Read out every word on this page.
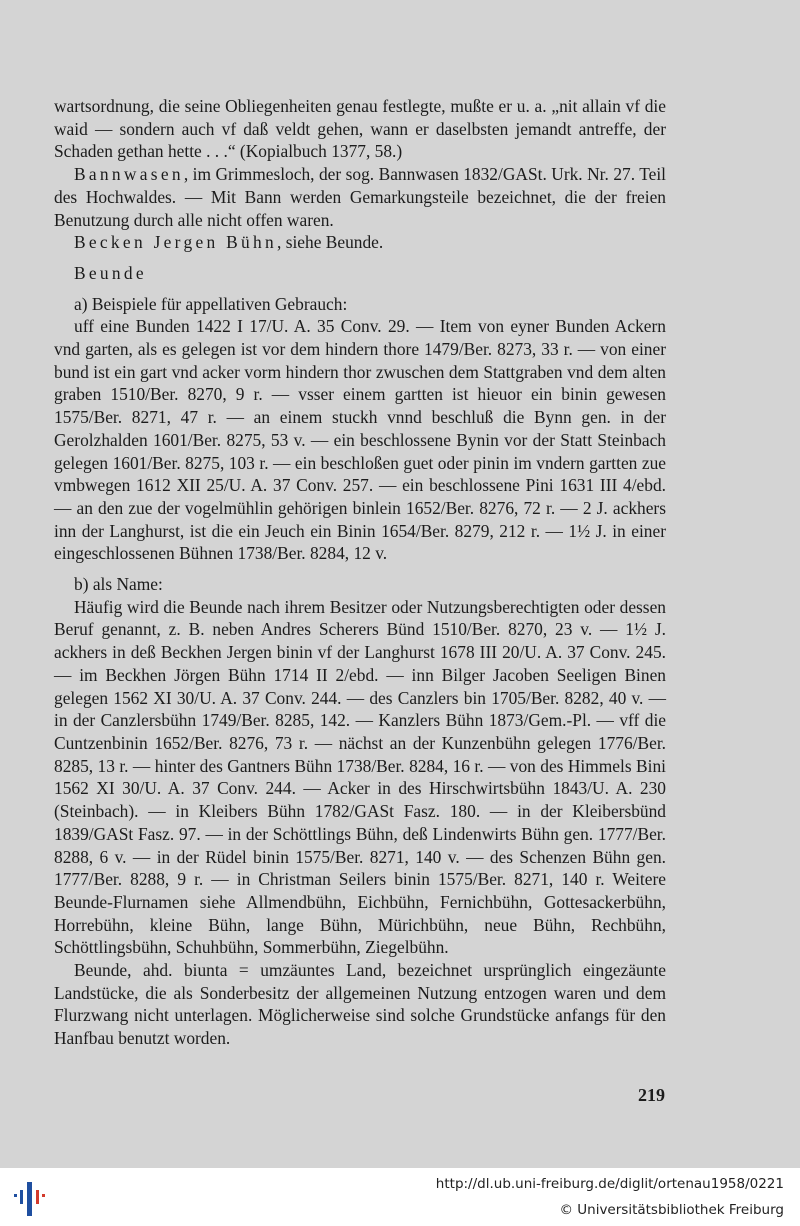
wartsordnung, die seine Obliegenheiten genau festlegte, mußte er u. a. „nit allain vf die waid — sondern auch vf daß veldt gehen, wann er daselbsten jemandt antreffe, der Schaden gethan hette . . .“ (Kopialbuch 1377, 58.)

Bannwasen, im Grimmesloch, der sog. Bannwasen 1832/GASt. Urk. Nr. 27. Teil des Hochwaldes. — Mit Bann werden Gemarkungsteile bezeichnet, die der freien Benutzung durch alle nicht offen waren.

Becken Jergen Bühn, siehe Beunde.

Beunde

a) Beispiele für appellativen Gebrauch:

uff eine Bunden 1422 I 17/U. A. 35 Conv. 29. — Item von eyner Bunden Ackern vnd garten, als es gelegen ist vor dem hindern thore 1479/Ber. 8273, 33 r. — von einer bund ist ein gart vnd acker vorm hindern thor zwuschen dem Stattgraben vnd dem alten graben 1510/Ber. 8270, 9 r. — vsser einem gartten ist hieuor ein binin gewesen 1575/Ber. 8271, 47 r. — an einem stuckh vnnd beschluß die Bynn gen. in der Gerolzhalden 1601/Ber. 8275, 53 v. — ein beschlossene Bynin vor der Statt Steinbach gelegen 1601/Ber. 8275, 103 r. — ein beschloßen guet oder pinin im vndern gartten zue vmbwegen 1612 XII 25/U. A. 37 Conv. 257. — ein beschlossene Pini 1631 III 4/ebd. — an den zue der vogelmühlin gehörigen binlein 1652/Ber. 8276, 72 r. — 2 J. ackhers inn der Langhurst, ist die ein Jeuch ein Binin 1654/Ber. 8279, 212 r. — 1½ J. in einer eingeschlossenen Bühnen 1738/Ber. 8284, 12 v.

b) als Name:

Häufig wird die Beunde nach ihrem Besitzer oder Nutzungsberechtigten oder dessen Beruf genannt, z. B. neben Andres Scherers Bünd 1510/Ber. 8270, 23 v. — 1½ J. ackhers in deß Beckhen Jergen binin vf der Langhurst 1678 III 20/U. A. 37 Conv. 245. — im Beckhen Jörgen Bühn 1714 II 2/ebd. — inn Bilger Jacoben Seeligen Binen gelegen 1562 XI 30/U. A. 37 Conv. 244. — des Canzlers bin 1705/Ber. 8282, 40 v. — in der Canzlersbühn 1749/Ber. 8285, 142. — Kanzlers Bühn 1873/Gem.-Pl. — vff die Cuntzenbinin 1652/Ber. 8276, 73 r. — nächst an der Kunzenbühn gelegen 1776/Ber. 8285, 13 r. — hinter des Gantners Bühn 1738/Ber. 8284, 16 r. — von des Himmels Bini 1562 XI 30/U. A. 37 Conv. 244. — Acker in des Hirschwirtsbühn 1843/U. A. 230 (Steinbach). — in Kleibers Bühn 1782/GASt Fasz. 180. — in der Kleibersbünd 1839/GASt Fasz. 97. — in der Schöttlings Bühn, deß Lindenwirts Bühn gen. 1777/Ber. 8288, 6 v. — in der Rüdel binin 1575/Ber. 8271, 140 v. — des Schenzen Bühn gen. 1777/Ber. 8288, 9 r. — in Christman Seilers binin 1575/Ber. 8271, 140 r. Weitere Beunde-Flurnamen siehe Allmendbühn, Eichbühn, Fernichbühn, Gottesackerbühn, Horrebühn, kleine Bühn, lange Bühn, Mürichbühn, neue Bühn, Rechbühn, Schöttlingsbühn, Schuhbühn, Sommerbühn, Ziegelbühn.

Beunde, ahd. biunta = umzäuntes Land, bezeichnet ursprünglich eingezäunte Landstücke, die als Sonderbesitz der allgemeinen Nutzung entzogen waren und dem Flurzwang nicht unterlagen. Möglicherweise sind solche Grundstücke anfangs für den Hanfbau benutzt worden.

219
http://dl.ub.uni-freiburg.de/diglit/ortenau1958/0221
© Universitätsbibliothek Freiburg
